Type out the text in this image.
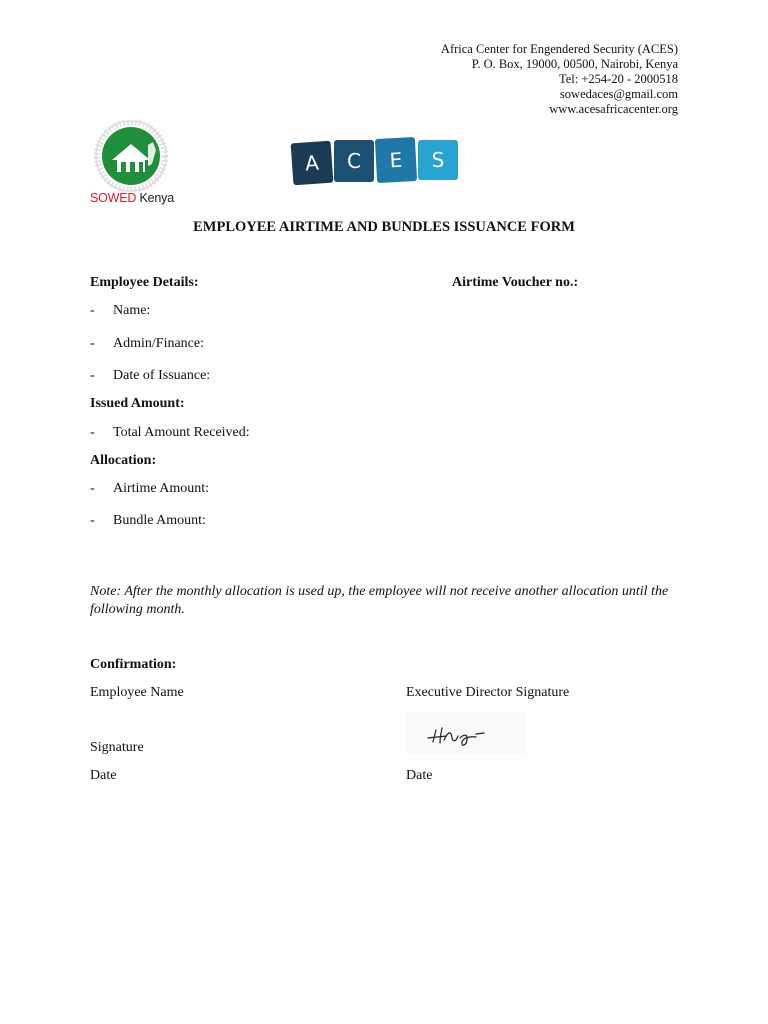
Africa Center for Engendered Security (ACES)
P. O. Box, 19000, 00500, Nairobi, Kenya
Tel: +254-20 - 2000518
sowedaces@gmail.com
www.acesafricacenter.org
SOWED Kenya
A C E S
EMPLOYEE AIRTIME AND BUNDLES ISSUANCE FORM
Employee Details:	Airtime Voucher no.:
- Name:
- Admin/Finance:
- Date of Issuance:
Issued Amount:
- Total Amount Received:
Allocation:
- Airtime Amount:
- Bundle Amount:
Note: After the monthly allocation is used up, the employee will not receive another allocation until the following month.
Confirmation:
Employee Name	Executive Director Signature
Signature
Date	Date
